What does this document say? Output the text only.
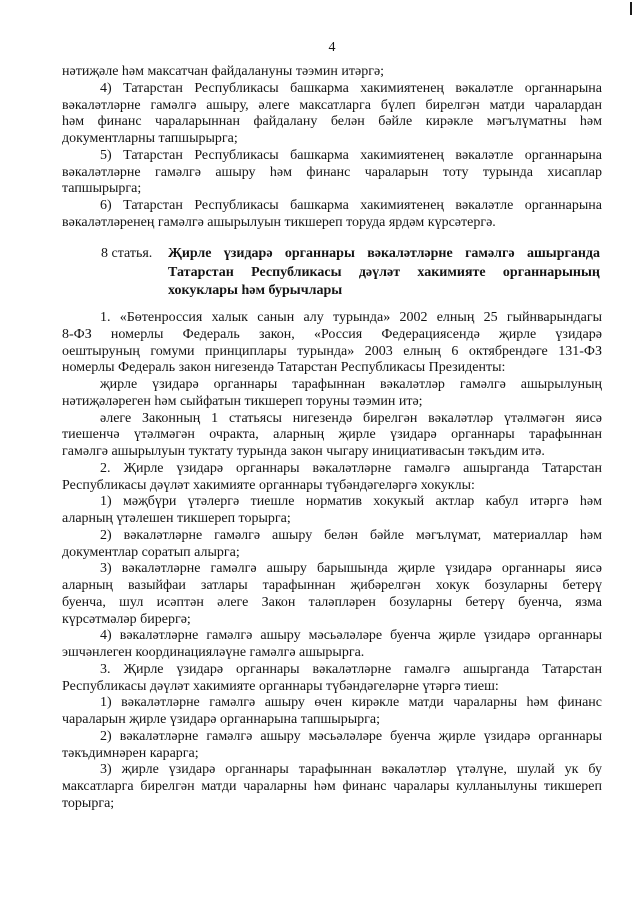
4
нәтиҗәле һәм максатчан файдалануны тәэмин итәргә;
4) Татарстан Республикасы башкарма хакимиятенең вәкаләтле органнарына
вәкаләтләрне гамәлгә ашыру, әлеге максатларга бүлеп бирелгән матди чаралардан
һәм финанс чараларыннан файдалану белән бәйле кирәкле мәгълүматны һәм
документларны тапшырырга;
5) Татарстан Республикасы башкарма хакимиятенең вәкаләтле органнарына
вәкаләтләрне гамәлгә ашыру һәм финанс чараларын тоту турында хисаплар
тапшырырга;
6) Татарстан Республикасы башкарма хакимиятенең вәкаләтле органнарына
вәкаләтләренең гамәлгә ашырылуын тикшереп торуда ярдәм күрсәтергә.
8 статья. Җирле үзидарә органнары вәкаләтләрне гамәлгә ашырганда
Татарстан Республикасы дәүләт хакимияте органнарының
хокуклары һәм бурычлары
1. «Бөтенроссия халык санын алу турында» 2002 елның 25 гыйнварындагы
8-ФЗ номерлы Федераль закон, «Россия Федерациясендә җирле үзидарә
оештыруның гомуми принциплары турында» 2003 елның 6 октябрендәге 131-ФЗ
номерлы Федераль закон нигезендә Татарстан Республикасы Президенты:
җирле үзидарә органнары тарафыннан вәкаләтләр гамәлгә ашырылуның
нәтиҗәләреген һәм сыйфатын тикшереп торуны тәэмин итә;
әлеге Законның 1 статьясы нигезендә бирелгән вәкаләтләр үтәлмәгән яисә
тиешенчә үтәлмәгән очракта, аларның җирле үзидарә органнары тарафыннан
гамәлгә ашырылуын туктату турында закон чыгару инициативасын тәкъдим итә.
2. Җирле үзидарә органнары вәкаләтләрне гамәлгә ашырганда Татарстан
Республикасы дәүләт хакимияте органнары түбәндәгеләргә хокуклы:
1) мәҗбүри үтәлергә тиешле норматив хокукый актлар кабул итәргә һәм
аларның үтәлешен тикшереп торырга;
2) вәкаләтләрне гамәлгә ашыру белән бәйле мәгълүмат, материаллар һәм
документлар соратып алырга;
3) вәкаләтләрне гамәлгә ашыру барышында җирле үзидарә органнары яисә
аларның вазыйфаи затлары тарафыннан җибәрелгән хокук бозуларны бетерү
буенча, шул исәптән әлеге Закон таләпләрен бозуларны бетерү буенча, язма
күрсәтмәләр бирергә;
4) вәкаләтләрне гамәлгә ашыру мәсьәләләре буенча җирле үзидарә органнары
эшчәнлеген координацияләүне гамәлгә ашырырга.
3. Җирле үзидарә органнары вәкаләтләрне гамәлгә ашырганда Татарстан
Республикасы дәүләт хакимияте органнары түбәндәгеләрне үтәргә тиеш:
1) вәкаләтләрне гамәлгә ашыру өчен кирәкле матди чараларны һәм финанс
чараларын җирле үзидарә органнарына тапшырырга;
2) вәкаләтләрне гамәлгә ашыру мәсьәләләре буенча җирле үзидарә органнары
тәкъдимнәрен карарга;
3) җирле үзидарә органнары тарафыннан вәкаләтләр үтәлүне, шулай ук бу
максатларга бирелгән матди чараларны һәм финанс чаралары кулланылуны тикшереп
торырга;
